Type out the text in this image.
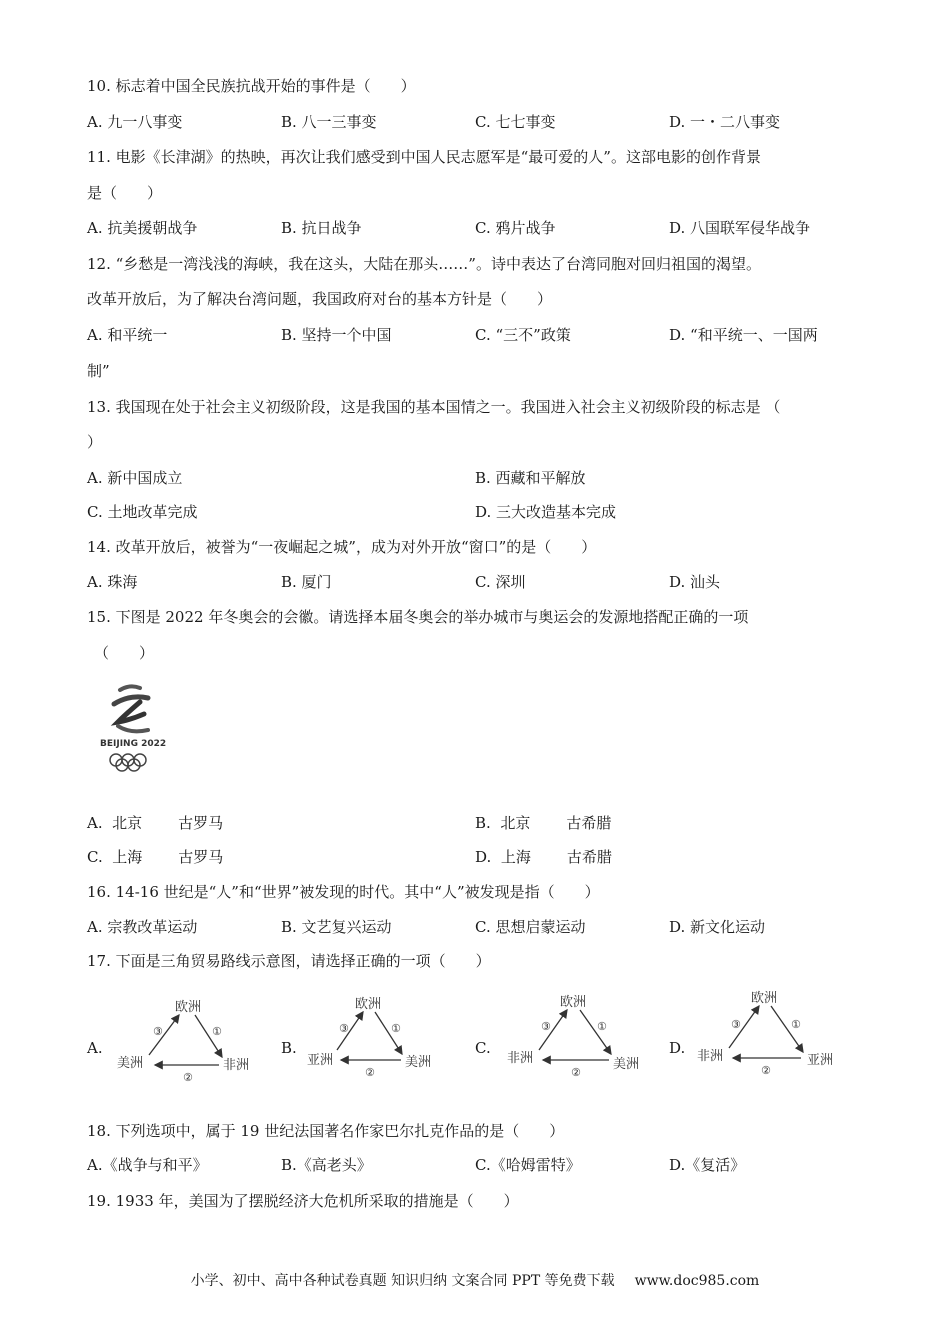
10. 标志着中国全民族抗战开始的事件是（　　）
A. 九一八事变	B. 八一三事变	C. 七七事变	D. 一・二八事变
11. 电影《长津湖》的热映，再次让我们感受到中国人民志愿军是“最可爱的人”。这部电影的创作背景
是（　　）
A. 抗美援朝战争	B. 抗日战争	C. 鸦片战争	D. 八国联军侵华战争
12. “乡愁是一湾浅浅的海峡，我在这头，大陆在那头……”。诗中表达了台湾同胞对回归祖国的渴望。
改革开放后，为了解决台湾问题，我国政府对台的基本方针是（　　）
A. 和平统一	B. 坚持一个中国	C. “三不”政策	D. “和平统一、一国两
制”
13. 我国现在处于社会主义初级阶段，这是我国的基本国情之一。我国进入社会主义初级阶段的标志是 （
）
A. 新中国成立	B. 西藏和平解放
C. 土地改革完成	D. 三大改造基本完成
14. 改革开放后，被誉为“一夜崛起之城”，成为对外开放“窗口”的是（　　）
A. 珠海	B. 厦门	C. 深圳	D. 汕头
15. 下图是 2022 年冬奥会的会徽。请选择本届冬奥会的举办城市与奥运会的发源地搭配正确的一项
（　　）
BEIJING 2022
A. 北京 古罗马	B. 北京 古希腊
C. 上海 古罗马	D. 上海 古希腊
16. 14-16 世纪是“人”和“世界”被发现的时代。其中“人”被发现是指（　　）
A. 宗教改革运动	B. 文艺复兴运动	C. 思想启蒙运动	D. 新文化运动
17. 下面是三角贸易路线示意图，请选择正确的一项（　　）
A.
欧洲
美洲	非洲
①
②
③
B.
欧洲
亚洲	美洲
①
②
③
C.
欧洲
非洲	美洲
①
②
③
D.
欧洲
非洲	亚洲
①
②
③
18. 下列选项中，属于 19 世纪法国著名作家巴尔扎克作品的是（　　）
A.《战争与和平》	B.《高老头》	C.《哈姆雷特》	D.《复活》
19. 1933 年，美国为了摆脱经济大危机所采取的措施是（　　）
小学、初中、高中各种试卷真题 知识归纳 文案合同 PPT 等免费下载 www.doc985.com
